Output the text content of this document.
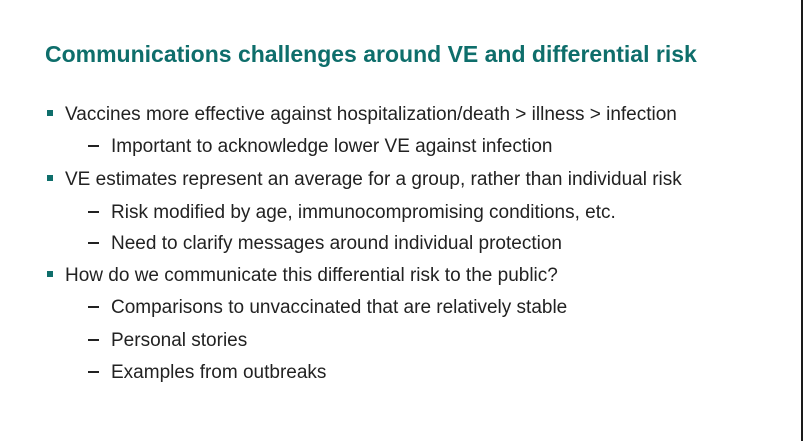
Communications challenges around VE and differential risk
Vaccines more effective against hospitalization/death > illness > infection
Important to acknowledge lower VE against infection
VE estimates represent an average for a group, rather than individual risk
Risk modified by age, immunocompromising conditions, etc.
Need to clarify messages around individual protection
How do we communicate this differential risk to the public?
Comparisons to unvaccinated that are relatively stable
Personal stories
Examples from outbreaks
